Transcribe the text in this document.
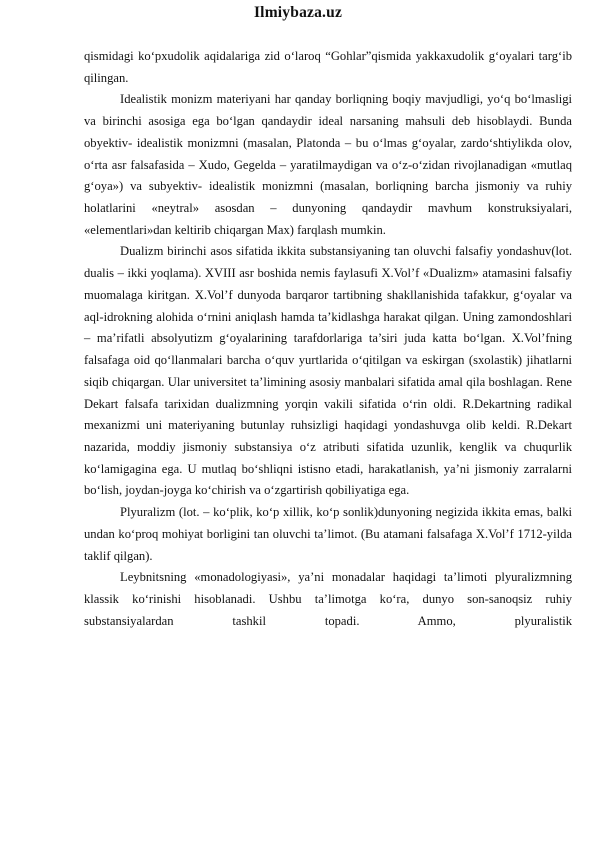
Ilmiybaza.uz

qismidagi ko‘pxudolik aqidalariga zid o‘laroq “Gohlar”qismida yakkaxudolik g‘oyalari targ‘ib qilingan.

Idealistik monizm materiyani har qanday borliqning boqiy mavjudligi, yo‘q bo‘lmasligi va birinchi asosiga ega bo‘lgan qandaydir ideal narsaning mahsuli deb hisoblaydi. Bunda obyektiv- idealistik monizmni (masalan, Platonda – bu o‘lmas g‘oyalar, zardo‘shtiylikda olov, o‘rta asr falsafasida – Xudo, Gegelda – yaratilmaydigan va o‘z-o‘zidan rivojlanadigan «mutlaq g‘oya») va subyektiv- idealistik monizmni (masalan, borliqning barcha jismoniy va ruhiy holatlarini «neytral» asosdan – dunyoning qandaydir mavhum konstruksiyalari, «elementlari»dan keltirib chiqargan Max) farqlash mumkin.

Dualizm birinchi asos sifatida ikkita substansiyaning tan oluvchi falsafiy yondashuv(lot. dualis – ikki yoqlama). XVIII asr boshida nemis faylasufi X.Vol’f «Dualizm» atamasini falsafiy muomalaga kiritgan. X.Vol’f dunyoda barqaror tartibning shakllanishida tafakkur, g‘oyalar va aql-idrokning alohida o‘rnini aniqlash hamda ta’kidlashga harakat qilgan. Uning zamondoshlari – ma’rifatli absolyutizm g‘oyalarining tarafdorlariga ta’siri juda katta bo‘lgan. X.Vol’fning falsafaga oid qo‘llanmalari barcha o‘quv yurtlarida o‘qitilgan va eskirgan (sxolastik) jihatlarni siqib chiqargan. Ular universitet ta’limining asosiy manbalari sifatida amal qila boshlagan. Rene Dekart falsafa tarixidan dualizmning yorqin vakili sifatida o‘rin oldi. R.Dekartning radikal mexanizmi uni materiyaning butunlay ruhsizligi haqidagi yondashuvga olib keldi. R.Dekart nazarida, moddiy jismoniy substansiya o‘z atributi sifatida uzunlik, kenglik va chuqurlik ko‘lamigagina ega. U mutlaq bo‘shliqni istisno etadi, harakatlanish, ya’ni jismoniy zarralarni bo‘lish, joydan-joyga ko‘chirish va o‘zgartirish qobiliyatiga ega.

Plyuralizm (lot. – ko‘plik, ko‘p xillik, ko‘p sonlik)dunyoning negizida ikkita emas, balki undan ko‘proq mohiyat borligini tan oluvchi ta’limot. (Bu atamani falsafaga X.Vol’f 1712-yilda taklif qilgan).

Leybnitsning «monadologiyasi», ya’ni monadalar haqidagi ta’limoti plyuralizmning klassik ko‘rinishi hisoblanadi. Ushbu ta’limotga ko‘ra, dunyo son-sanoqsiz ruhiy substansiyalardan tashkil topadi. Ammo, plyuralistik
